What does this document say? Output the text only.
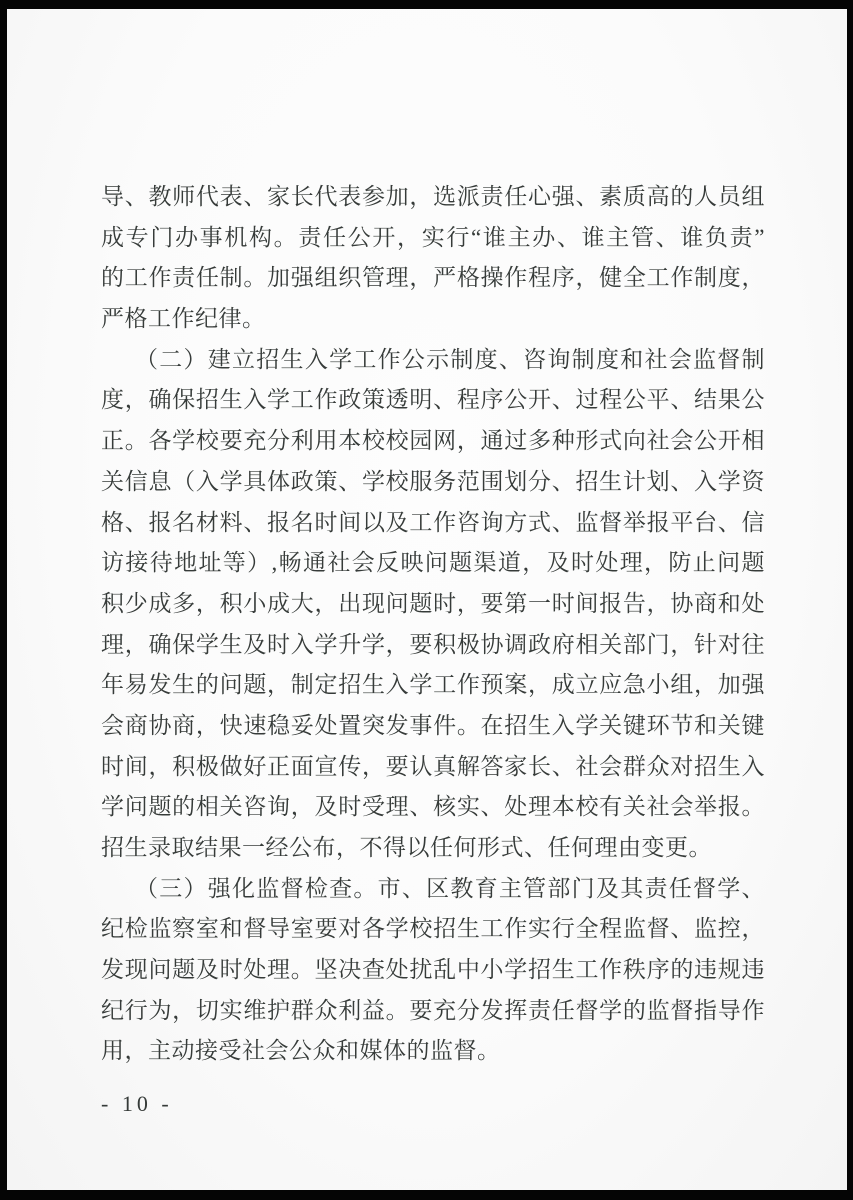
导、教师代表、家长代表参加，选派责任心强、素质高的人员组
成专门办事机构。责任公开，实行“谁主办、谁主管、谁负责”
的工作责任制。加强组织管理，严格操作程序，健全工作制度，
严格工作纪律。
（二）建立招生入学工作公示制度、咨询制度和社会监督制
度，确保招生入学工作政策透明、程序公开、过程公平、结果公
正。各学校要充分利用本校校园网，通过多种形式向社会公开相
关信息（入学具体政策、学校服务范围划分、招生计划、入学资
格、报名材料、报名时间以及工作咨询方式、监督举报平台、信
访接待地址等）,畅通社会反映问题渠道，及时处理，防止问题
积少成多，积小成大，出现问题时，要第一时间报告，协商和处
理，确保学生及时入学升学，要积极协调政府相关部门，针对往
年易发生的问题，制定招生入学工作预案，成立应急小组，加强
会商协商，快速稳妥处置突发事件。在招生入学关键环节和关键
时间，积极做好正面宣传，要认真解答家长、社会群众对招生入
学问题的相关咨询，及时受理、核实、处理本校有关社会举报。
招生录取结果一经公布，不得以任何形式、任何理由变更。
（三）强化监督检查。市、区教育主管部门及其责任督学、
纪检监察室和督导室要对各学校招生工作实行全程监督、监控，
发现问题及时处理。坚决查处扰乱中小学招生工作秩序的违规违
纪行为，切实维护群众利益。要充分发挥责任督学的监督指导作
用，主动接受社会公众和媒体的监督。
- 10 -
